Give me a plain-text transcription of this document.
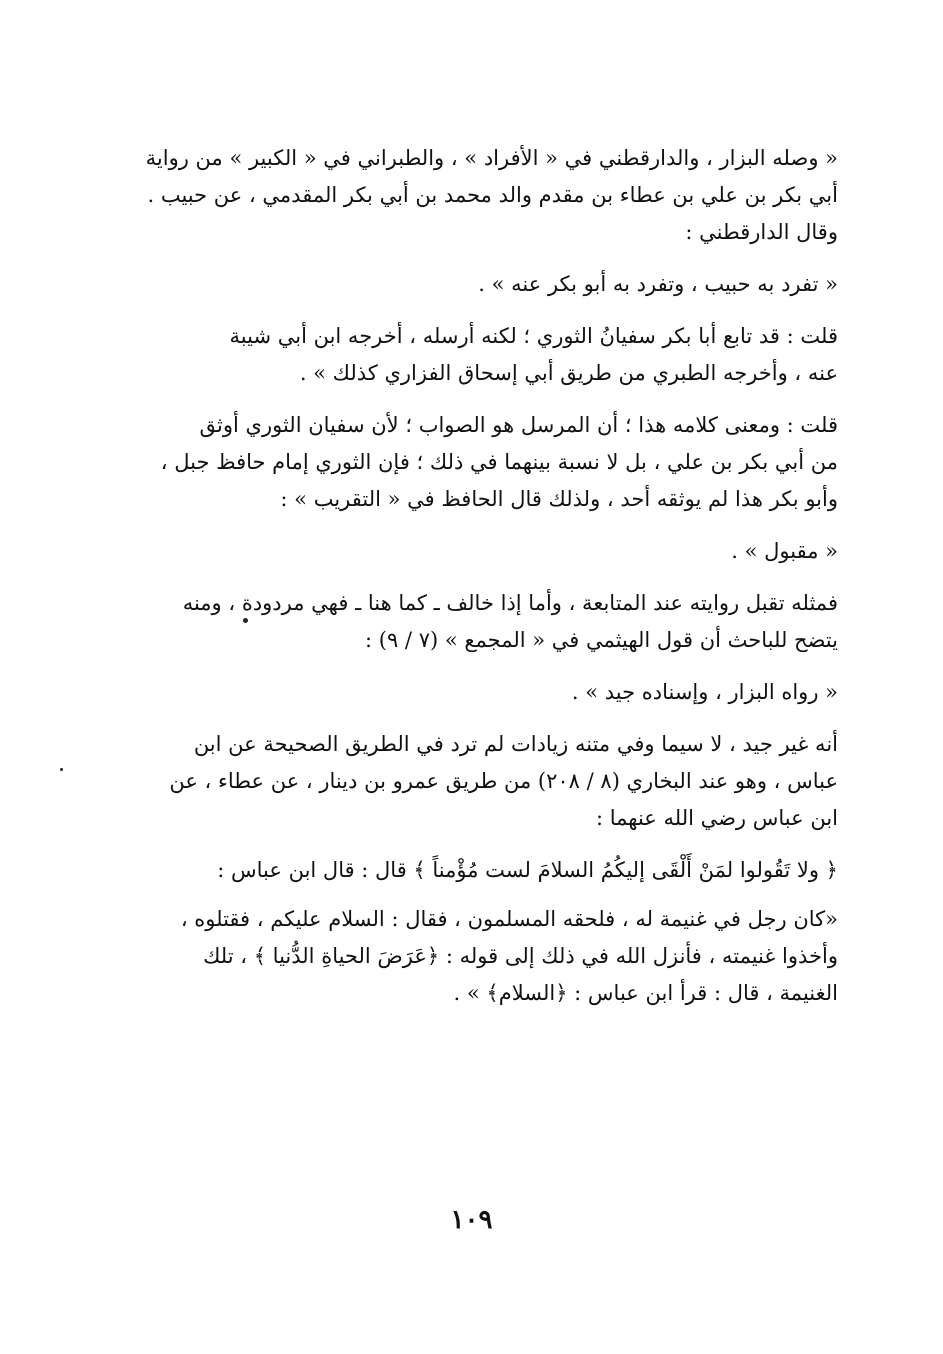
« وصله البزار ، والدارقطني في « الأفراد » ، والطبراني في « الكبير » من رواية
أبي بكر بن علي بن عطاء بن مقدم والد محمد بن أبي بكر المقدمي ، عن حبيب .
وقال الدارقطني :
« تفرد به حبيب ، وتفرد به أبو بكر عنه » .
قلت : قد تابع أبا بكر سفيانُ الثوري ؛ لكنه أرسله ، أخرجه ابن أبي شيبة
عنه ، وأخرجه الطبري من طريق أبي إسحاق الفزاري كذلك » .
قلت : ومعنى كلامه هذا ؛ أن المرسل هو الصواب ؛ لأن سفيان الثوري أوثق
من أبي بكر بن علي ، بل لا نسبة بينهما في ذلك ؛ فإن الثوري إمام حافظ جبل ،
وأبو بكر هذا لم يوثقه أحد ، ولذلك قال الحافظ في « التقريب » :
« مقبول » .
فمثله تقبل روايته عند المتابعة ، وأما إذا خالف ـ كما هنا ـ فهي مردودة ، ومنه
يتضح للباحث أن قول الهيثمي في « المجمع » (٧ / ٩) :
« رواه البزار ، وإسناده جيد » .
أنه غير جيد ، لا سيما وفي متنه زيادات لم ترد في الطريق الصحيحة عن ابن
عباس ، وهو عند البخاري (٨ / ٢٠٨) من طريق عمرو بن دينار ، عن عطاء ، عن
ابن عباس رضي الله عنهما :
﴿ ولا تَقُولوا لمَنْ أَلْقَى إليكُمُ السلامَ لست مُؤْمناً ﴾ قال : قال ابن عباس :
«كان رجل في غنيمة له ، فلحقه المسلمون ، فقال : السلام عليكم ، فقتلوه ،
وأخذوا غنيمته ، فأنزل الله في ذلك إلى قوله : ﴿عَرَضَ الحياةِ الدُّنيا ﴾ ، تلك
الغنيمة ، قال : قرأ ابن عباس : ﴿السلام﴾ » .
١٠٩
